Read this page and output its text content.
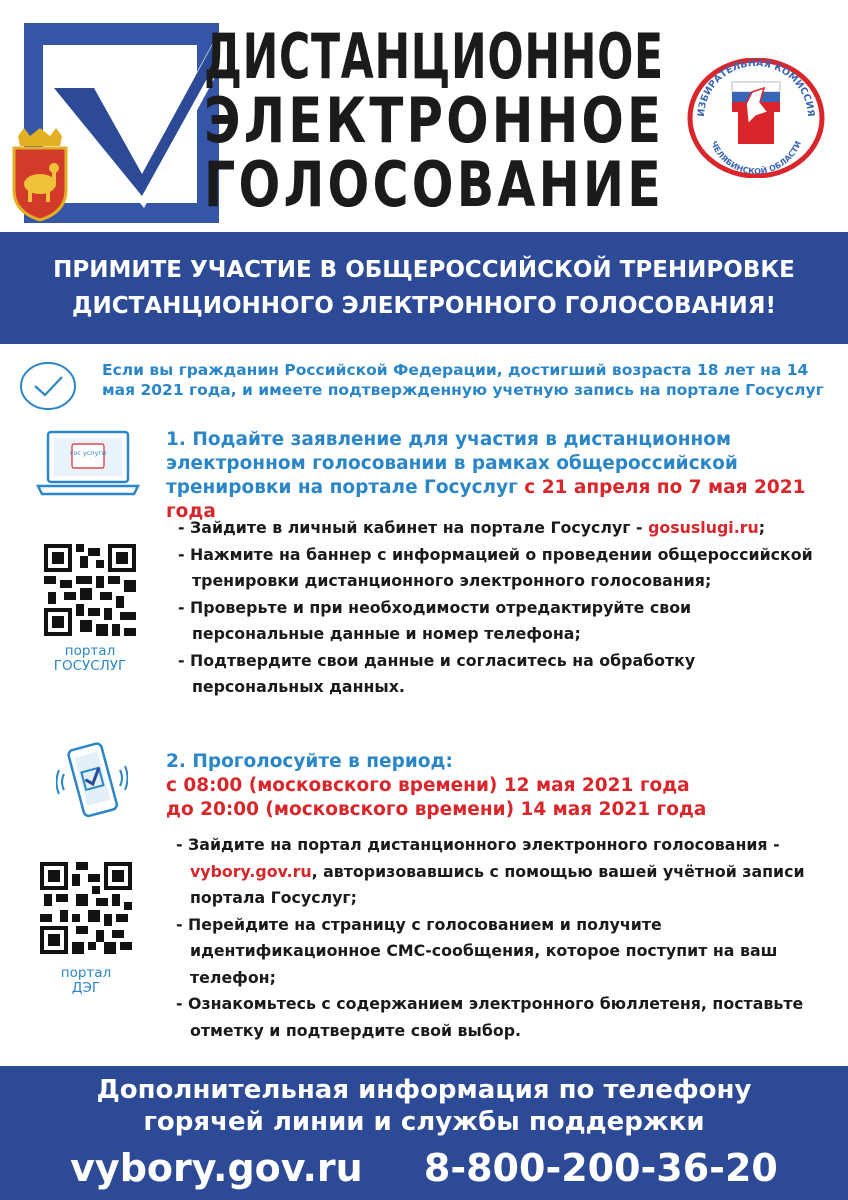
ДИСТАНЦИОННОЕ
ЭЛЕКТРОННОЕ
ГОЛОСОВАНИЕ
ИЗБИРАТЕЛЬНАЯ КОМИССИЯ
ЧЕЛЯБИНСКОЙ ОБЛАСТИ
ПРИМИТЕ УЧАСТИЕ В ОБЩЕРОССИЙСКОЙ ТРЕНИРОВКЕ
ДИСТАНЦИОННОГО ЭЛЕКТРОННОГО ГОЛОСОВАНИЯ!
Если вы гражданин Российской Федерации, достигший возраста 18 лет на 14 мая 2021 года, и имеете подтвержденную учетную запись на портале Госуслуг
гос услуги
1. Подайте заявление для участия в дистанционном электронном голосовании в рамках общероссийской тренировки на портале Госуслуг с 21 апреля по 7 мая 2021 года
портал
ГОСУСЛУГ
- Зайдите в личный кабинет на портале Госуслуг - gosuslugi.ru;
- Нажмите на баннер с информацией о проведении общероссийской тренировки дистанционного электронного голосования;
- Проверьте и при необходимости отредактируйте свои персональные данные и номер телефона;
- Подтвердите свои данные и согласитесь на обработку персональных данных.
2. Проголосуйте в период:
с 08:00 (московского времени) 12 мая 2021 года
до 20:00 (московского времени) 14 мая 2021 года
портал
ДЭГ
- Зайдите на портал дистанционного электронного голосования - vybory.gov.ru, авторизовавшись с помощью вашей учётной записи портала Госуслуг;
- Перейдите на страницу с голосованием и получите идентификационное СМС-сообщения, которое поступит на ваш телефон;
- Ознакомьтесь с содержанием электронного бюллетеня, поставьте отметку и подтвердите свой выбор.
Дополнительная информация по телефону
горячей линии и службы поддержки
vybory.gov.ru 8-800-200-36-20
